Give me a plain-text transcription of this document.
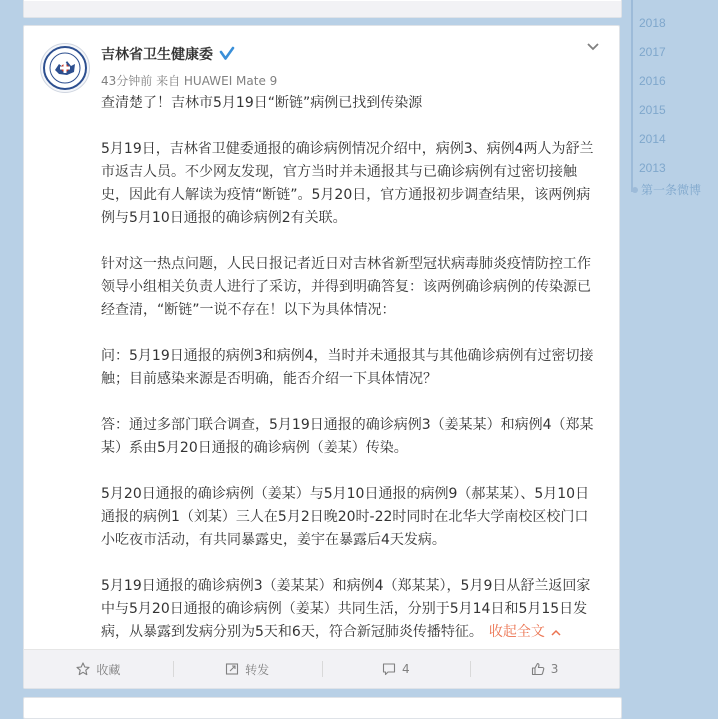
2018
2017
2016
2015
2014
2013
第一条微博
吉林省卫生健康委
43分钟前 来自 HUAWEI Mate 9

查清楚了！吉林市5月19日“断链”病例已找到传染源

5月19日，吉林省卫健委通报的确诊病例情况介绍中，病例3、病例4两人为舒兰市返吉人员。不少网友发现，官方当时并未通报其与已确诊病例有过密切接触史，因此有人解读为疫情“断链”。5月20日，官方通报初步调查结果，该两例病例与5月10日通报的确诊病例2有关联。

针对这一热点问题，人民日报记者近日对吉林省新型冠状病毒肺炎疫情防控工作领导小组相关负责人进行了采访，并得到明确答复：该两例确诊病例的传染源已经查清，“断链”一说不存在！以下为具体情况：

问：5月19日通报的病例3和病例4，当时并未通报其与其他确诊病例有过密切接触；目前感染来源是否明确，能否介绍一下具体情况？

答：通过多部门联合调查，5月19日通报的确诊病例3（姜某某）和病例4（郑某某）系由5月20日通报的确诊病例（姜某）传染。

5月20日通报的确诊病例（姜某）与5月10日通报的病例9（郝某某）、5月10日通报的病例1（刘某）三人在5月2日晚20时-22时同时在北华大学南校区校门口小吃夜市活动，有共同暴露史，姜宇在暴露后4天发病。

5月19日通报的确诊病例3（姜某某）和病例4（郑某某），5月9日从舒兰返回家中与5月20日通报的确诊病例（姜某）共同生活，分别于5月14日和5月15日发病，从暴露到发病分别为5天和6天，符合新冠肺炎传播特征。 收起全文

收藏	转发	4	3
